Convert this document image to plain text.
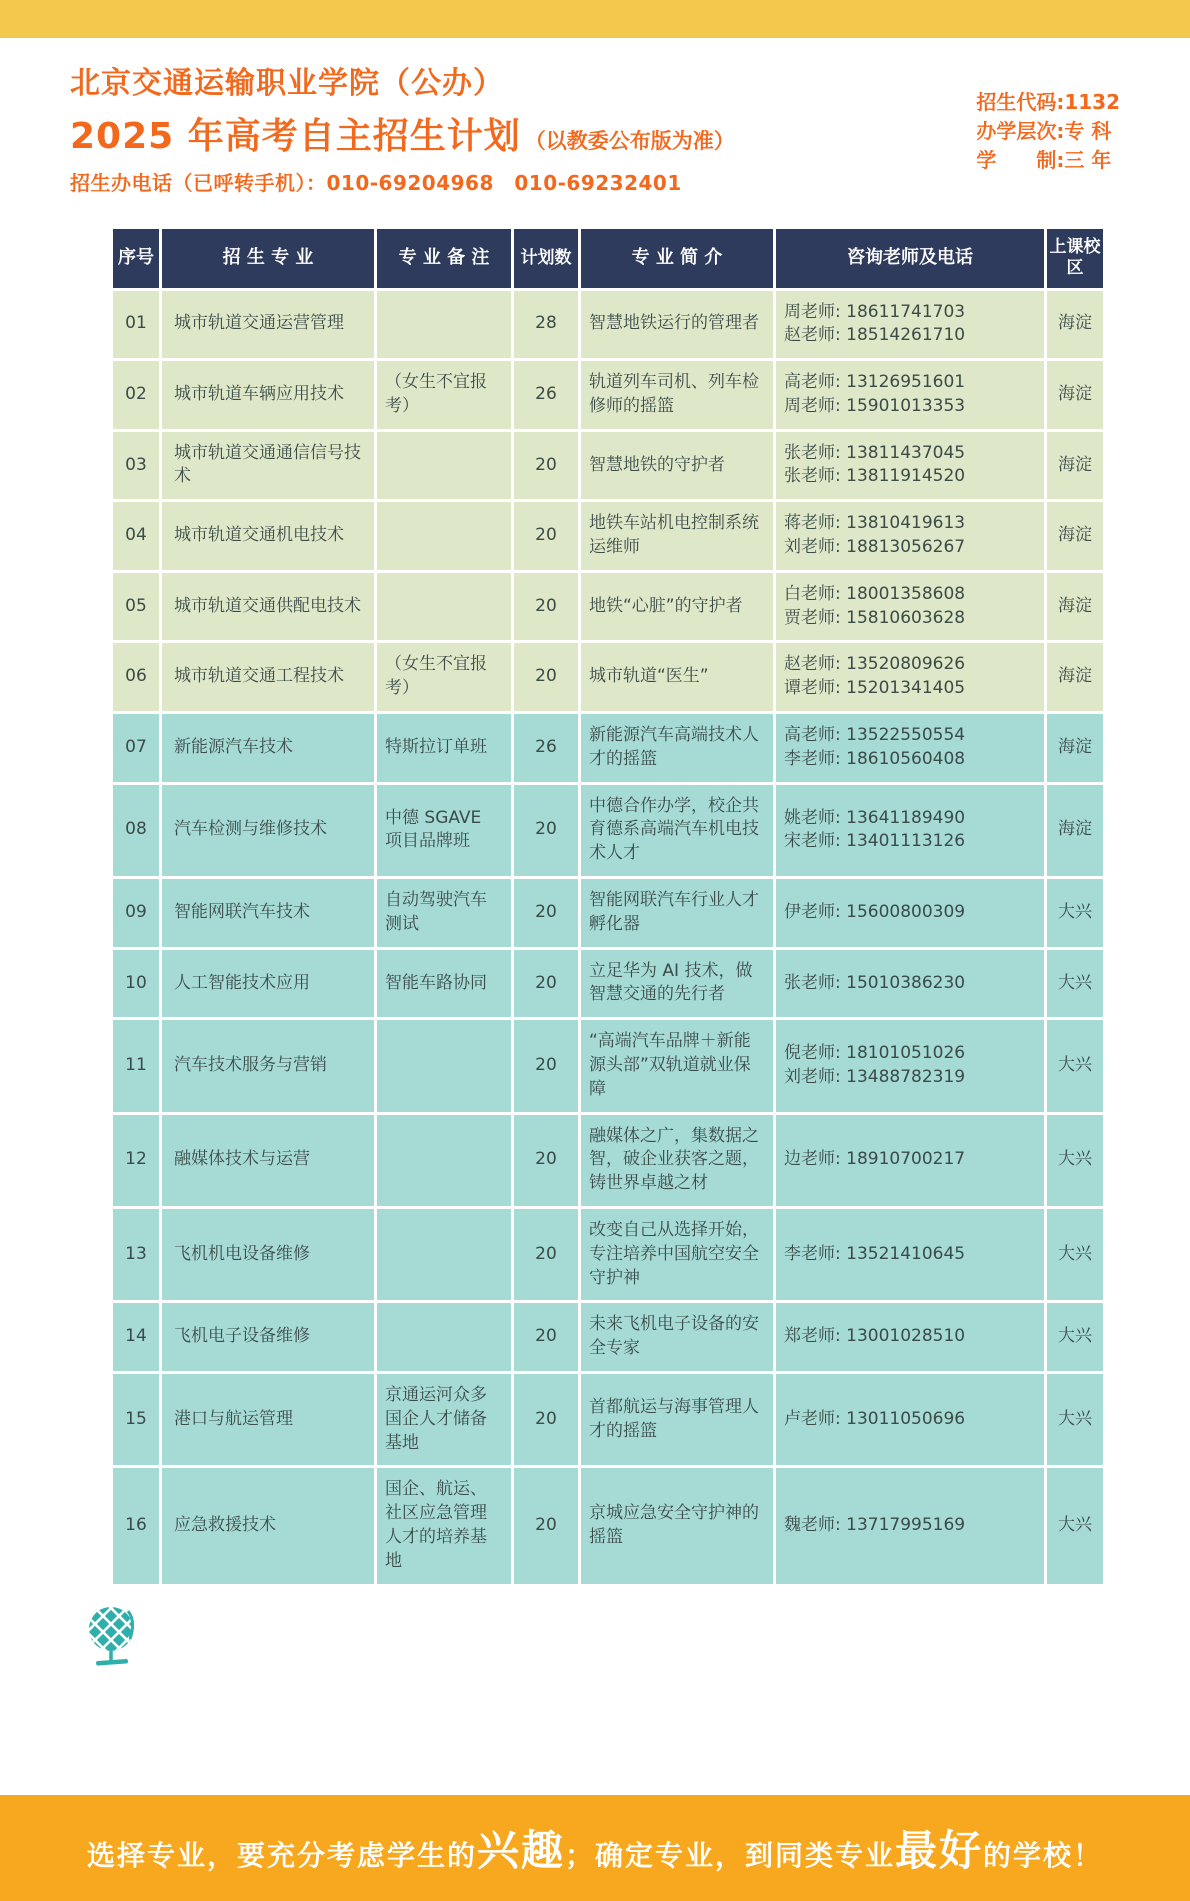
北京交通运输职业学院（公办）
2025 年高考自主招生计划 （以教委公布版为准）
招生办电话（已呼转手机）：010-69204968　010-69232401
招生代码: 1132
办学层次: 专 科
学　　制: 三 年
序号	招 生 专 业	专 业 备 注	计划数	专 业 简 介	咨询老师及电话	上课校区
01	城市轨道交通运营管理		28	智慧地铁运行的管理者	周老师: 18611741703
赵老师: 18514261710	海淀
02	城市轨道车辆应用技术	（女生不宜报考）	26	轨道列车司机、列车检修师的摇篮	高老师: 13126951601
周老师: 15901013353	海淀
03	城市轨道交通通信信号技术		20	智慧地铁的守护者	张老师: 13811437045
张老师: 13811914520	海淀
04	城市轨道交通机电技术		20	地铁车站机电控制系统运维师	蒋老师: 13810419613
刘老师: 18813056267	海淀
05	城市轨道交通供配电技术		20	地铁“心脏”的守护者	白老师: 18001358608
贾老师: 15810603628	海淀
06	城市轨道交通工程技术	（女生不宜报考）	20	城市轨道“医生”	赵老师: 13520809626
谭老师: 15201341405	海淀
07	新能源汽车技术	特斯拉订单班	26	新能源汽车高端技术人才的摇篮	高老师: 13522550554
李老师: 18610560408	海淀
08	汽车检测与维修技术	中德 SGAVE 项目品牌班	20	中德合作办学，校企共育德系高端汽车机电技术人才	姚老师: 13641189490
宋老师: 13401113126	海淀
09	智能网联汽车技术	自动驾驶汽车测试	20	智能网联汽车行业人才孵化器	伊老师: 15600800309	大兴
10	人工智能技术应用	智能车路协同	20	立足华为 AI 技术，做智慧交通的先行者	张老师: 15010386230	大兴
11	汽车技术服务与营销		20	“高端汽车品牌＋新能源头部”双轨道就业保障	倪老师: 18101051026
刘老师: 13488782319	大兴
12	融媒体技术与运营		20	融媒体之广，集数据之智，破企业获客之题，铸世界卓越之材	边老师: 18910700217	大兴
13	飞机机电设备维修		20	改变自己从选择开始，专注培养中国航空安全守护神	李老师: 13521410645	大兴
14	飞机电子设备维修		20	未来飞机电子设备的安全专家	郑老师: 13001028510	大兴
15	港口与航运管理	京通运河众多国企人才储备基地	20	首都航运与海事管理人才的摇篮	卢老师: 13011050696	大兴
16	应急救援技术	国企、航运、社区应急管理人才的培养基地	20	京城应急安全守护神的摇篮	魏老师: 13717995169	大兴
选择专业，要充分考虑学生的 兴趣 ；确定专业，到同类专业 最好 的学校！
